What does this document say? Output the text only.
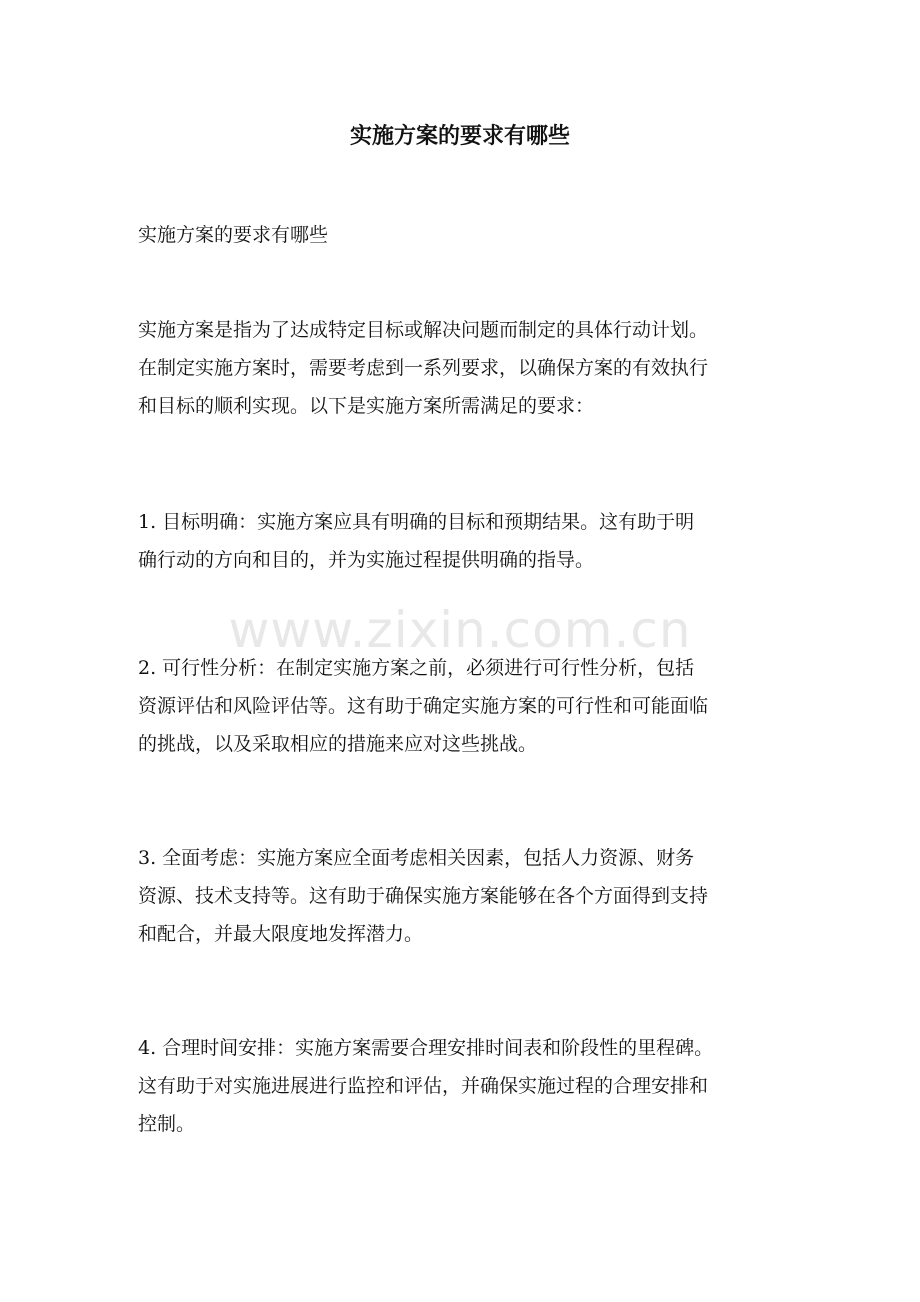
实施方案的要求有哪些

实施方案的要求有哪些

实施方案是指为了达成特定目标或解决问题而制定的具体行动计划。
在制定实施方案时，需要考虑到一系列要求，以确保方案的有效执行
和目标的顺利实现。以下是实施方案所需满足的要求：

1. 目标明确：实施方案应具有明确的目标和预期结果。这有助于明
确行动的方向和目的，并为实施过程提供明确的指导。

2. 可行性分析：在制定实施方案之前，必须进行可行性分析，包括
资源评估和风险评估等。这有助于确定实施方案的可行性和可能面临
的挑战，以及采取相应的措施来应对这些挑战。

3. 全面考虑：实施方案应全面考虑相关因素，包括人力资源、财务
资源、技术支持等。这有助于确保实施方案能够在各个方面得到支持
和配合，并最大限度地发挥潜力。

4. 合理时间安排：实施方案需要合理安排时间表和阶段性的里程碑。
这有助于对实施进展进行监控和评估，并确保实施过程的合理安排和
控制。

www.zixin.com.cn
